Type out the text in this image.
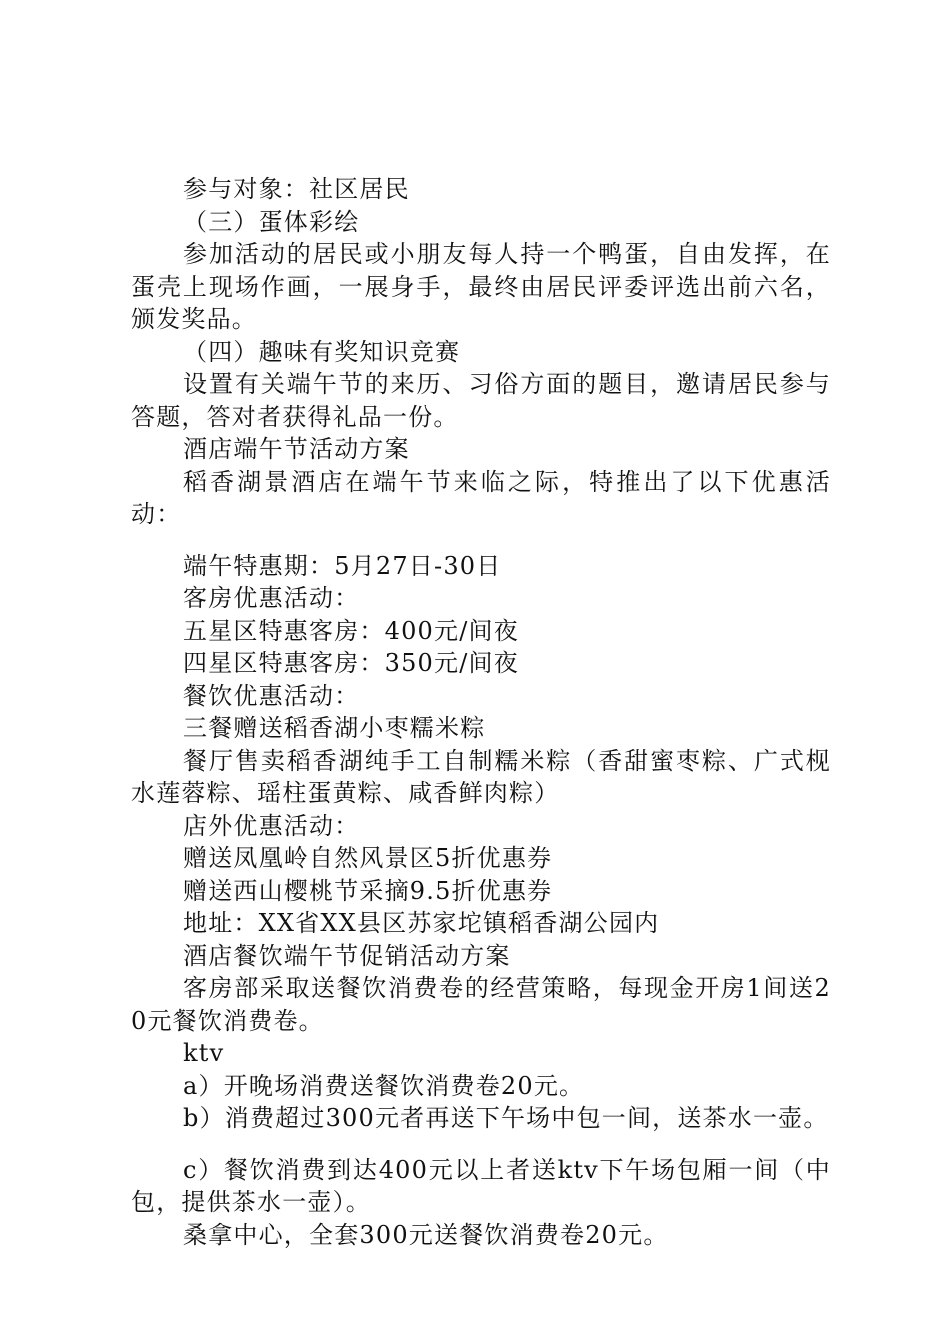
参与对象：社区居民

（三）蛋体彩绘

参加活动的居民或小朋友每人持一个鸭蛋，自由发挥，在蛋壳上现场作画，一展身手，最终由居民评委评选出前六名，颁发奖品。

（四）趣味有奖知识竞赛

设置有关端午节的来历、习俗方面的题目，邀请居民参与答题，答对者获得礼品一份。

酒店端午节活动方案

稻香湖景酒店在端午节来临之际，特推出了以下优惠活动：

端午特惠期：5月27日-30日

客房优惠活动：

五星区特惠客房：400元/间夜

四星区特惠客房：350元/间夜

餐饮优惠活动：

三餐赠送稻香湖小枣糯米粽

餐厅售卖稻香湖纯手工自制糯米粽（香甜蜜枣粽、广式枧水莲蓉粽、瑶柱蛋黄粽、咸香鲜肉粽）

店外优惠活动：

赠送凤凰岭自然风景区5折优惠券

赠送西山樱桃节采摘9.5折优惠券

地址：XX省XX县区苏家坨镇稻香湖公园内

酒店餐饮端午节促销活动方案

客房部采取送餐饮消费卷的经营策略，每现金开房1间送20元餐饮消费卷。

ktv

a）开晚场消费送餐饮消费卷20元。

b）消费超过300元者再送下午场中包一间，送茶水一壶。

c）餐饮消费到达400元以上者送ktv下午场包厢一间（中包，提供茶水一壶）。

桑拿中心，全套300元送餐饮消费卷20元。
